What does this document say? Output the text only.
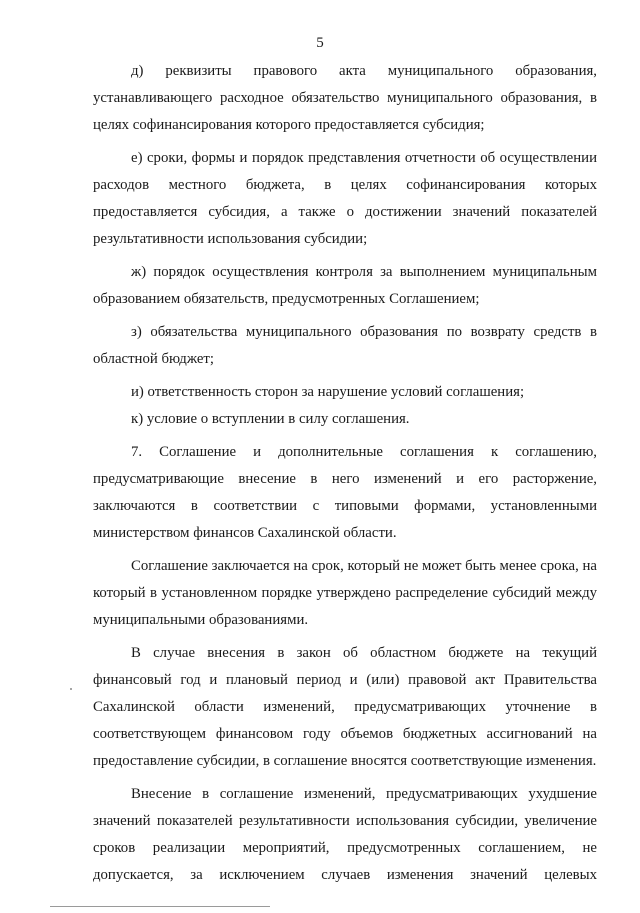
5

д) реквизиты правового акта муниципального образования, устанавливающего расходное обязательство муниципального образования, в целях софинансирования которого предоставляется субсидия;

е) сроки, формы и порядок представления отчетности об осуществлении расходов местного бюджета, в целях софинансирования которых предоставляется субсидия, а также о достижении значений показателей результативности использования субсидии;

ж) порядок осуществления контроля за выполнением муниципальным образованием обязательств, предусмотренных Соглашением;

з) обязательства муниципального образования по возврату средств в областной бюджет;

и) ответственность сторон за нарушение условий соглашения;

к) условие о вступлении в силу соглашения.

7. Соглашение и дополнительные соглашения к соглашению, предусматривающие внесение в него изменений и его расторжение, заключаются в соответствии с типовыми формами, установленными министерством финансов Сахалинской области.

Соглашение заключается на срок, который не может быть менее срока, на который в установленном порядке утверждено распределение субсидий между муниципальными образованиями.

В случае внесения в закон об областном бюджете на текущий финансовый год и плановый период и (или) правовой акт Правительства Сахалинской области изменений, предусматривающих уточнение в соответствующем финансовом году объемов бюджетных ассигнований на предоставление субсидии, в соглашение вносятся соответствующие изменения.

Внесение в соглашение изменений, предусматривающих ухудшение значений показателей результативности использования субсидии, увеличение сроков реализации мероприятий, предусмотренных соглашением, не допускается, за исключением случаев изменения значений целевых
